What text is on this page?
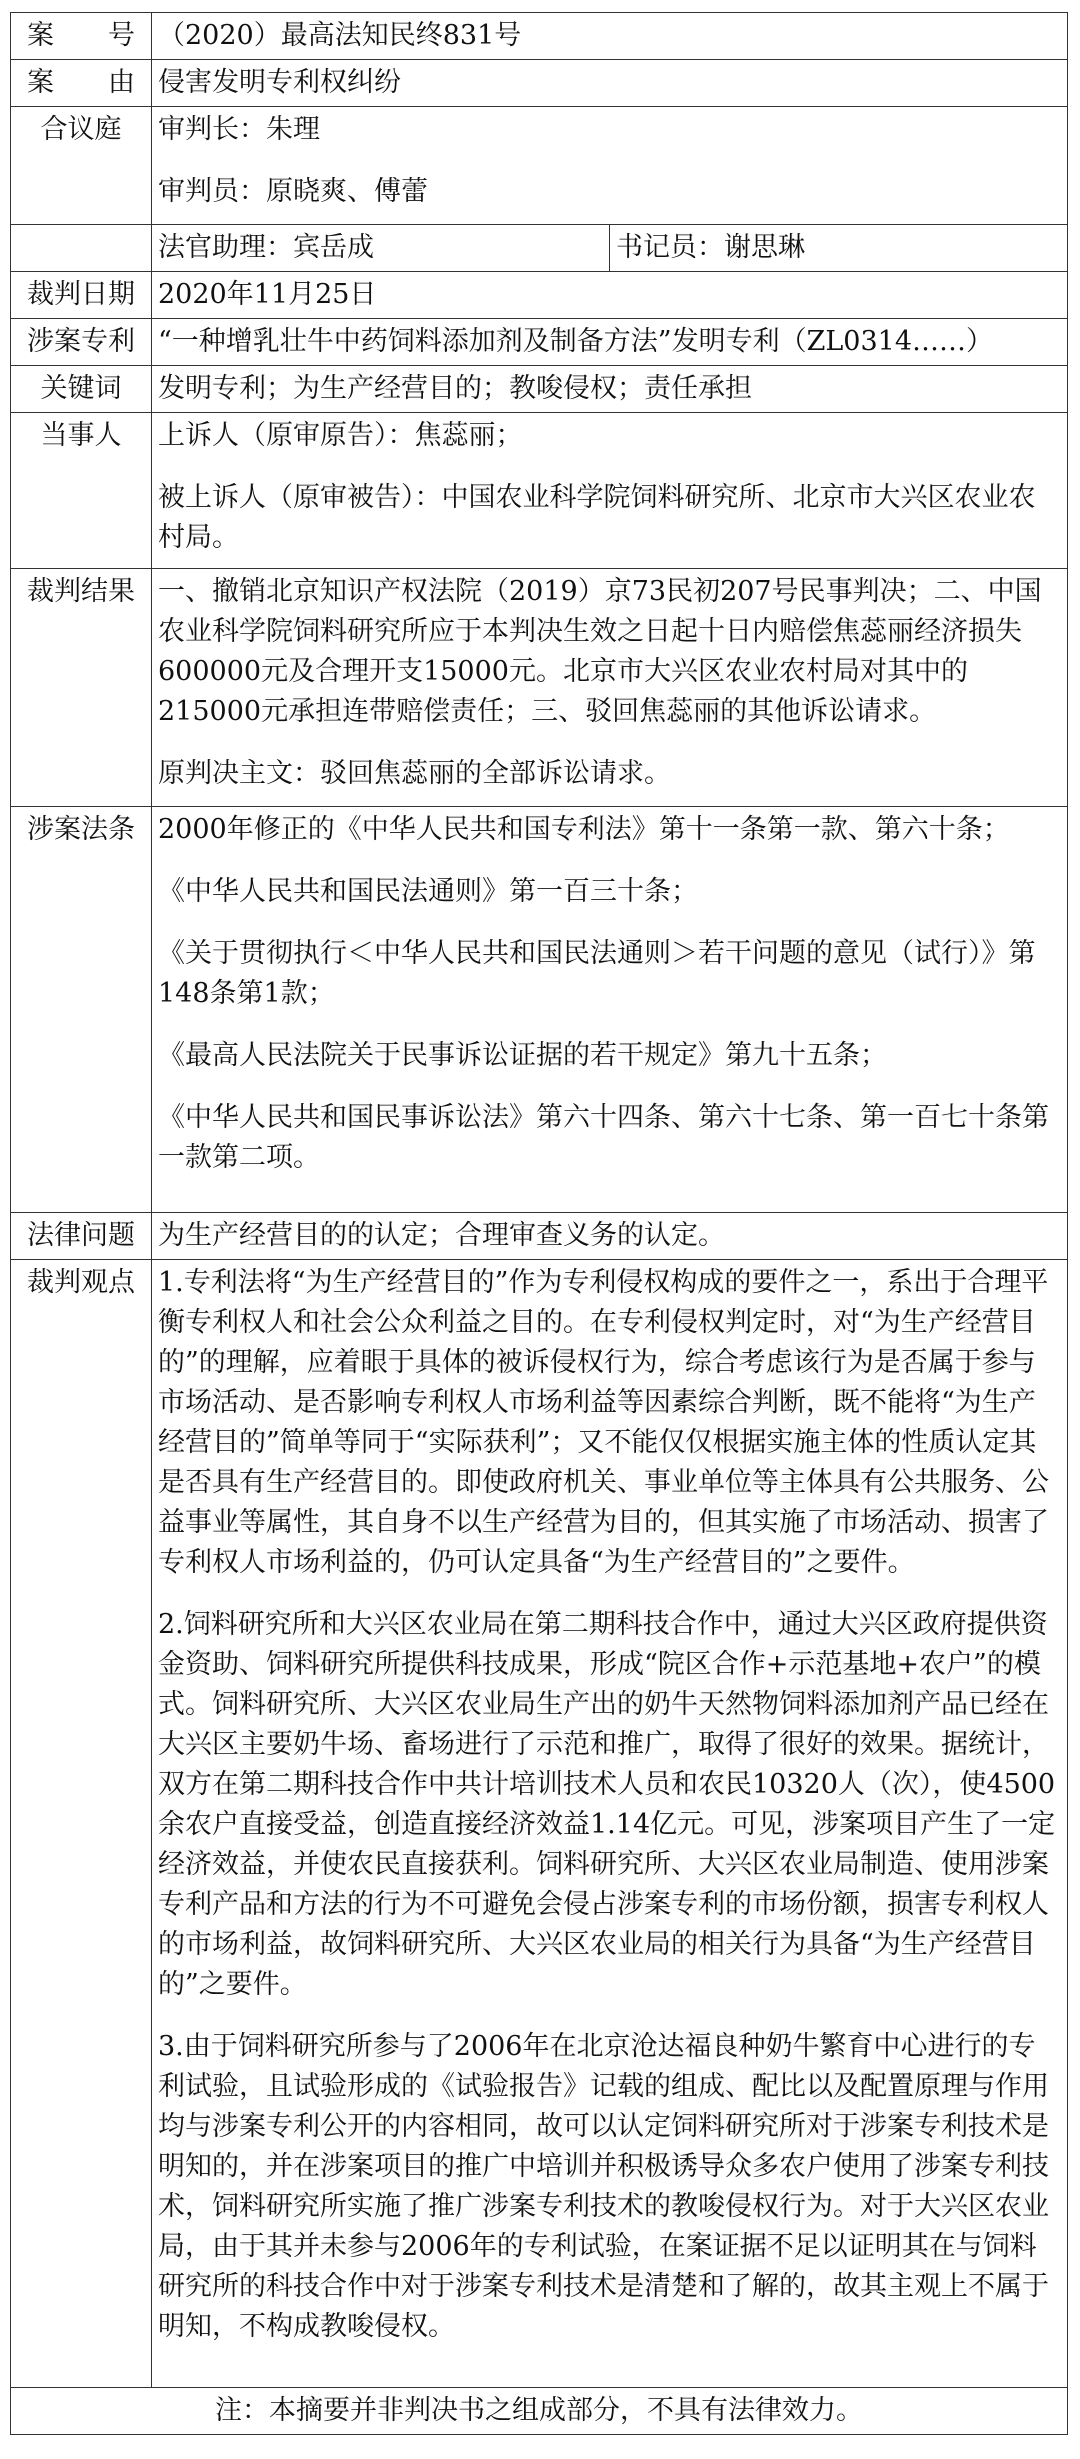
案　　号	（2020）最高法知民终831号	
案　　由	侵害发明专利权纠纷	
合议庭	审判长：朱理

审判员：原晓爽、傅蕾	

	法官助理：宾岳成	书记员：谢思琳
裁判日期	2020年11月25日	
涉案专利	“一种增乳壮牛中药饲料添加剂及制备方法”发明专利（ZL0314……）	
关键词	发明专利；为生产经营目的；教唆侵权；责任承担	
当事人	上诉人（原审原告）：焦蕊丽；

被上诉人（原审被告）：中国农业科学院饲料研究所、北京市大兴区农业农村局。	

裁判结果	一、撤销北京知识产权法院（2019）京73民初207号民事判决；二、中国农业科学院饲料研究所应于本判决生效之日起十日内赔偿焦蕊丽经济损失600000元及合理开支15000元。北京市大兴区农业农村局对其中的215000元承担连带赔偿责任；三、驳回焦蕊丽的其他诉讼请求。

原判决主文：驳回焦蕊丽的全部诉讼请求。	

涉案法条	2000年修正的《中华人民共和国专利法》第十一条第一款、第六十条；

《中华人民共和国民法通则》第一百三十条；

《关于贯彻执行＜中华人民共和国民法通则＞若干问题的意见（试行）》第148条第1款；

《最高人民法院关于民事诉讼证据的若干规定》第九十五条；

《中华人民共和国民事诉讼法》第六十四条、第六十七条、第一百七十条第一款第二项。	

法律问题	为生产经营目的的认定；合理审查义务的认定。	
裁判观点	1.专利法将“为生产经营目的”作为专利侵权构成的要件之一，系出于合理平衡专利权人和社会公众利益之目的。在专利侵权判定时，对“为生产经营目的”的理解，应着眼于具体的被诉侵权行为，综合考虑该行为是否属于参与市场活动、是否影响专利权人市场利益等因素综合判断，既不能将“为生产经营目的”简单等同于“实际获利”；又不能仅仅根据实施主体的性质认定其是否具有生产经营目的。即使政府机关、事业单位等主体具有公共服务、公益事业等属性，其自身不以生产经营为目的，但其实施了市场活动、损害了专利权人市场利益的，仍可认定具备“为生产经营目的”之要件。

2.饲料研究所和大兴区农业局在第二期科技合作中，通过大兴区政府提供资金资助、饲料研究所提供科技成果，形成“院区合作+示范基地+农户”的模式。饲料研究所、大兴区农业局生产出的奶牛天然物饲料添加剂产品已经在大兴区主要奶牛场、畜场进行了示范和推广，取得了很好的效果。据统计，双方在第二期科技合作中共计培训技术人员和农民10320人（次），使4500余农户直接受益，创造直接经济效益1.14亿元。可见，涉案项目产生了一定经济效益，并使农民直接获利。饲料研究所、大兴区农业局制造、使用涉案专利产品和方法的行为不可避免会侵占涉案专利的市场份额，损害专利权人的市场利益，故饲料研究所、大兴区农业局的相关行为具备“为生产经营目的”之要件。

3.由于饲料研究所参与了2006年在北京沧达福良种奶牛繁育中心进行的专利试验，且试验形成的《试验报告》记载的组成、配比以及配置原理与作用均与涉案专利公开的内容相同，故可以认定饲料研究所对于涉案专利技术是明知的，并在涉案项目的推广中培训并积极诱导众多农户使用了涉案专利技术，饲料研究所实施了推广涉案专利技术的教唆侵权行为。对于大兴区农业局，由于其并未参与2006年的专利试验，在案证据不足以证明其在与饲料研究所的科技合作中对于涉案专利技术是清楚和了解的，故其主观上不属于明知，不构成教唆侵权。	

注：本摘要并非判决书之组成部分，不具有法律效力。		
